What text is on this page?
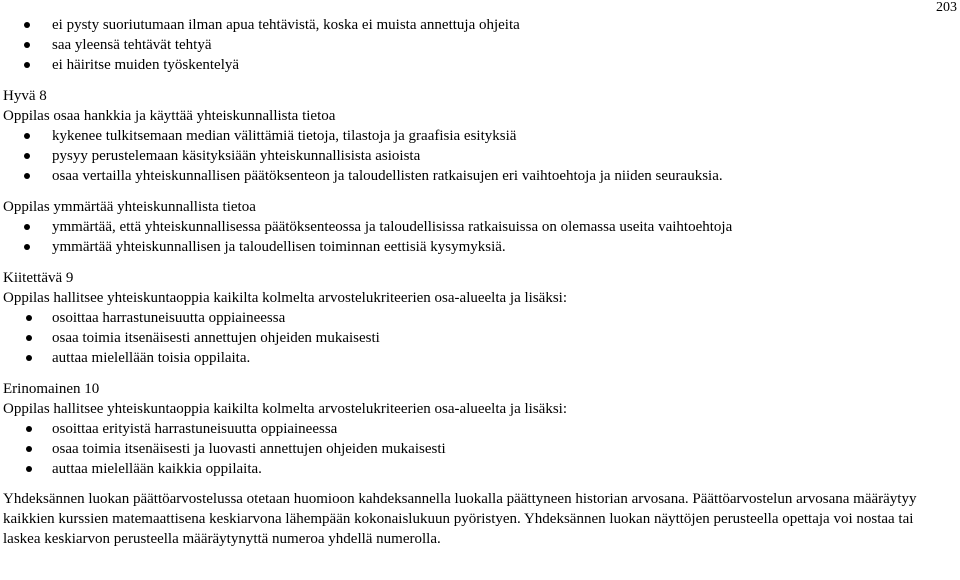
203
ei pysty suoriutumaan ilman apua tehtävistä, koska ei muista annettuja ohjeita
saa yleensä tehtävät tehtyä
ei häiritse muiden työskentelyä
Hyvä 8
Oppilas osaa hankkia ja käyttää yhteiskunnallista tietoa
kykenee tulkitsemaan median välittämiä tietoja, tilastoja ja graafisia esityksiä
pysyy perustelemaan käsityksiään yhteiskunnallisista asioista
osaa vertailla yhteiskunnallisen päätöksenteon ja taloudellisten ratkaisujen eri vaihtoehtoja ja niiden seurauksia.
Oppilas ymmärtää yhteiskunnallista tietoa
ymmärtää, että yhteiskunnallisessa päätöksenteossa ja taloudellisissa ratkaisuissa on olemassa useita vaihtoehtoja
ymmärtää yhteiskunnallisen ja taloudellisen toiminnan eettisiä kysymyksiä.
Kiitettävä 9
Oppilas hallitsee yhteiskuntaoppia kaikilta kolmelta arvostelukriteerien osa-alueelta ja lisäksi:
osoittaa harrastuneisuutta oppiaineessa
osaa toimia itsenäisesti annettujen ohjeiden mukaisesti
auttaa mielellään toisia oppilaita.
Erinomainen 10
Oppilas hallitsee yhteiskuntaoppia kaikilta kolmelta arvostelukriteerien osa-alueelta ja lisäksi:
osoittaa erityistä harrastuneisuutta oppiaineessa
osaa toimia itsenäisesti ja luovasti annettujen ohjeiden mukaisesti
auttaa mielellään kaikkia oppilaita.
Yhdeksännen luokan päättöarvostelussa otetaan huomioon kahdeksannella luokalla päättyneen historian arvosana. Päättöarvostelun arvosana määräytyy kaikkien kurssien matemaattisena keskiarvona lähempään kokonaislukuun pyöristyen. Yhdeksännen luokan näyttöjen perusteella opettaja voi nostaa tai laskea keskiarvon perusteella määräytynyttä numeroa yhdellä numerolla.
